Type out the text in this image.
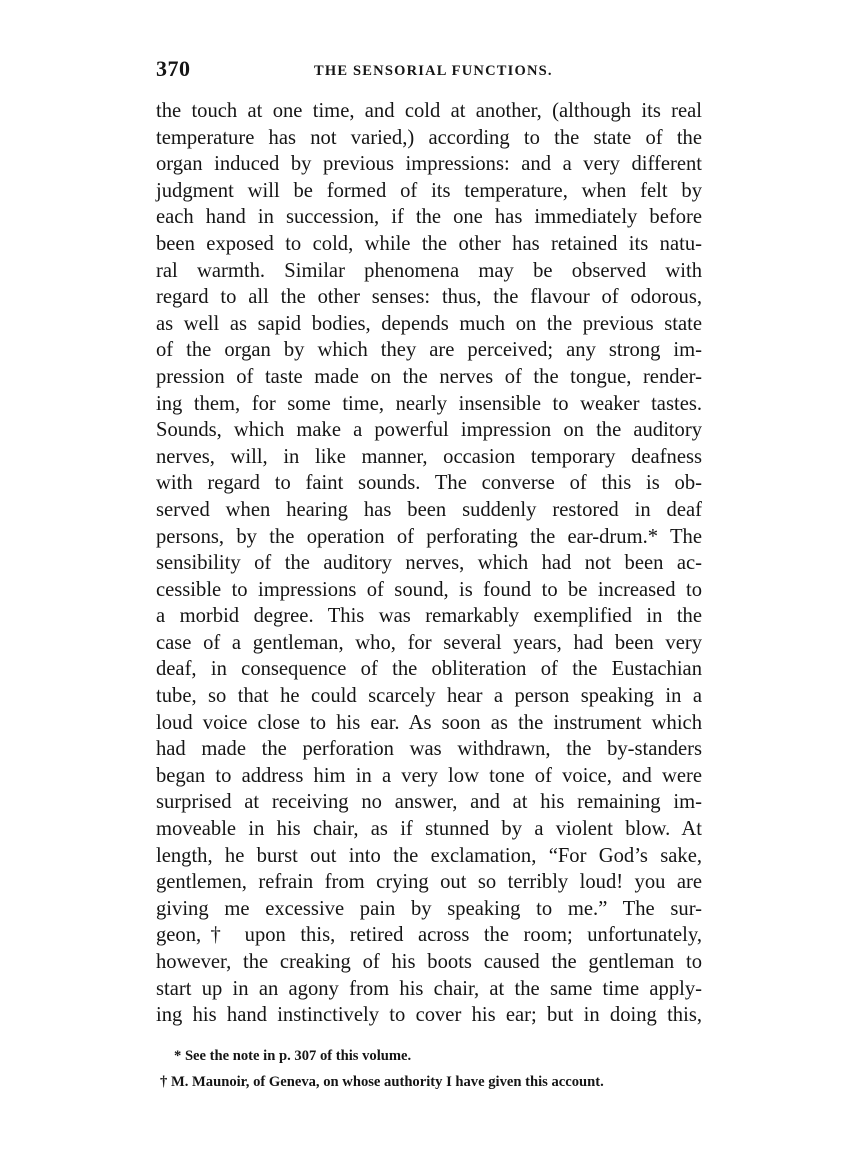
370	THE SENSORIAL FUNCTIONS.
the touch at one time, and cold at another, (although its real
temperature has not varied,) according to the state of the
organ induced by previous impressions: and a very different
judgment will be formed of its temperature, when felt by
each hand in succession, if the one has immediately before
been exposed to cold, while the other has retained its natu-
ral warmth. Similar phenomena may be observed with
regard to all the other senses: thus, the flavour of odorous,
as well as sapid bodies, depends much on the previous state
of the organ by which they are perceived; any strong im-
pression of taste made on the nerves of the tongue, render-
ing them, for some time, nearly insensible to weaker tastes.
Sounds, which make a powerful impression on the auditory
nerves, will, in like manner, occasion temporary deafness
with regard to faint sounds. The converse of this is ob-
served when hearing has been suddenly restored in deaf
persons, by the operation of perforating the ear-drum.* The
sensibility of the auditory nerves, which had not been ac-
cessible to impressions of sound, is found to be increased to
a morbid degree. This was remarkably exemplified in the
case of a gentleman, who, for several years, had been very
deaf, in consequence of the obliteration of the Eustachian
tube, so that he could scarcely hear a person speaking in a
loud voice close to his ear. As soon as the instrument which
had made the perforation was withdrawn, the by-standers
began to address him in a very low tone of voice, and were
surprised at receiving no answer, and at his remaining im-
moveable in his chair, as if stunned by a violent blow. At
length, he burst out into the exclamation, “For God’s sake,
gentlemen, refrain from crying out so terribly loud! you are
giving me excessive pain by speaking to me.” The sur-
geon,† upon this, retired across the room; unfortunately,
however, the creaking of his boots caused the gentleman to
start up in an agony from his chair, at the same time apply-
ing his hand instinctively to cover his ear; but in doing this,
* See the note in p. 307 of this volume.
† M. Maunoir, of Geneva, on whose authority I have given this account.
